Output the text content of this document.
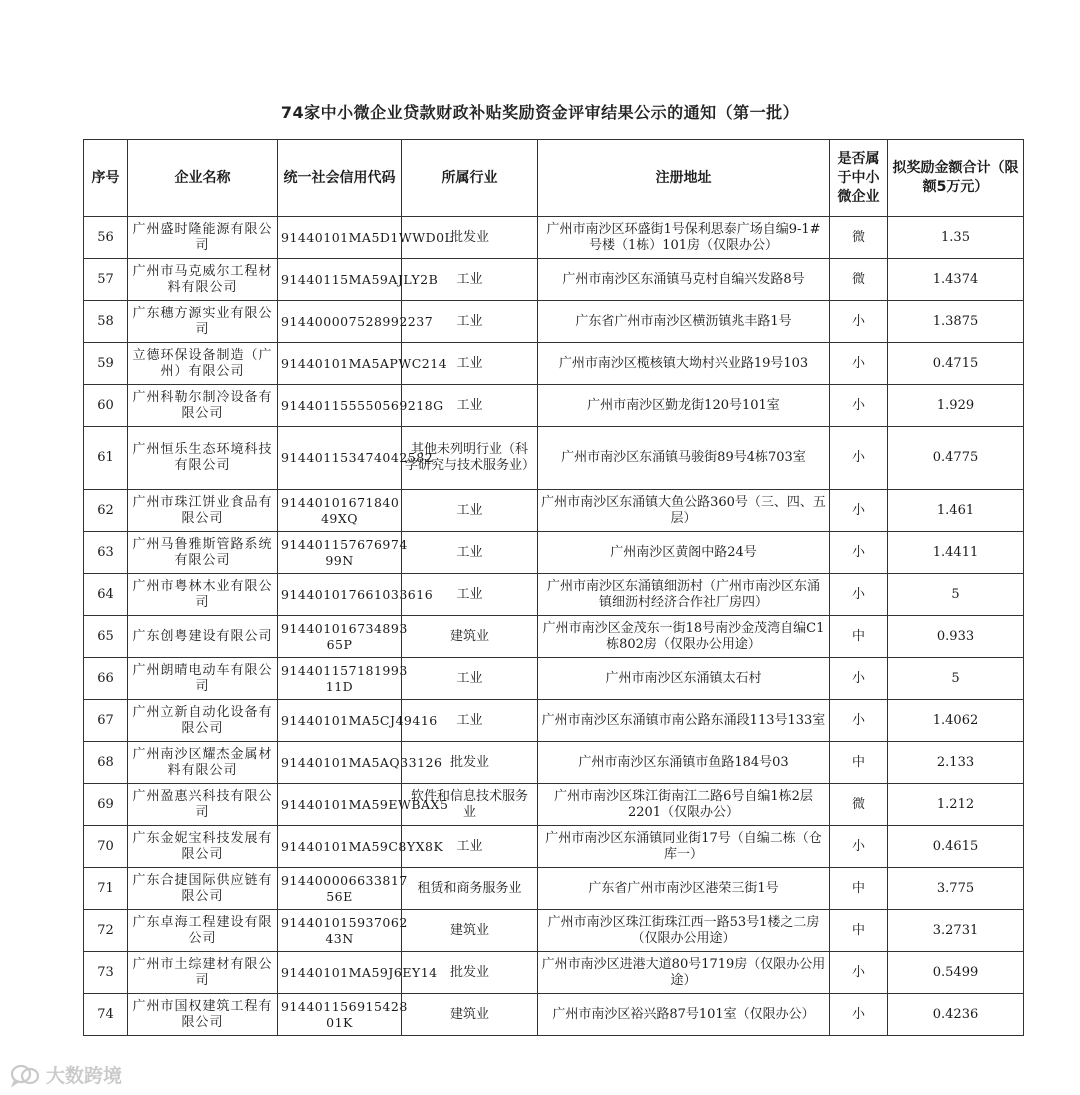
74家中小微企业贷款财政补贴奖励资金评审结果公示的通知（第一批）
序号	企业名称	统一社会信用代码	所属行业	注册地址	是否属于中小微企业	拟奖励金额合计（限额5万元）
56	广州盛时隆能源有限公司	91440101MA5D1WWD0L	批发业	广州市南沙区环盛街1号保利思泰广场自编9-1#号楼（1栋）101房（仅限办公）	微	1.35
57	广州市马克威尔工程材料有限公司	91440115MA59AJLY2B	工业	广州市南沙区东涌镇马克村自编兴发路8号	微	1.4374
58	广东穗方源实业有限公司	914400007528992237	工业	广东省广州市南沙区横沥镇兆丰路1号	小	1.3875
59	立德环保设备制造（广州）有限公司	91440101MA5APWC214	工业	广州市南沙区榄核镇大坳村兴业路19号103	小	0.4715
60	广州科勒尔制冷设备有限公司	914401155550569218G	工业	广州市南沙区勤龙街120号101室	小	1.929
61	广州恒乐生态环境科技有限公司	914401153474042582	其他未列明行业（科学研究与技术服务业）	广州市南沙区东涌镇马骏街89号4栋703室	小	0.4775
62	广州市珠江饼业食品有限公司	91440101671840 49XQ	工业	广州市南沙区东涌镇大鱼公路360号（三、四、五层）	小	1.461
63	广州马鲁雅斯管路系统有限公司	914401157676974 99N	工业	广州南沙区黄阁中路24号	小	1.4411
64	广州市粤林木业有限公司	914401017661033616	工业	广州市南沙区东涌镇细沥村（广州市南沙区东涌镇细沥村经济合作社厂房四）	小	5
65	广东创粤建设有限公司	914401016734893 65P	建筑业	广州市南沙区金茂东一街18号南沙金茂湾自编C1栋802房（仅限办公用途）	中	0.933
66	广州朗晴电动车有限公司	914401157181993 11D	工业	广州市南沙区东涌镇太石村	小	5
67	广州立新自动化设备有限公司	91440101MA5CJ49416	工业	广州市南沙区东涌镇市南公路东涌段113号133室	小	1.4062
68	广州南沙区耀杰金属材料有限公司	91440101MA5AQ33126	批发业	广州市南沙区东涌镇市鱼路184号03	中	2.133
69	广州盈惠兴科技有限公司	91440101MA59EWBAX5	软件和信息技术服务业	广州市南沙区珠江街南江二路6号自编1栋2层2201（仅限办公）	微	1.212
70	广东金妮宝科技发展有限公司	91440101MA59C8YX8K	工业	广州市南沙区东涌镇同业街17号（自编二栋（仓库一）	小	0.4615
71	广东合捷国际供应链有限公司	914400006633817 56E	租赁和商务服务业	广东省广州市南沙区港荣三街1号	中	3.775
72	广东卓海工程建设有限公司	914401015937062 43N	建筑业	广州市南沙区珠江街珠江西一路53号1楼之二房（仅限办公用途）	中	3.2731
73	广州市土综建材有限公司	91440101MA59J6EY14	批发业	广州市南沙区进港大道80号1719房（仅限办公用途）	小	0.5499
74	广州市国权建筑工程有限公司	914401156915428 01K	建筑业	广州市南沙区裕兴路87号101室（仅限办公）	小	0.4236
大数跨境
